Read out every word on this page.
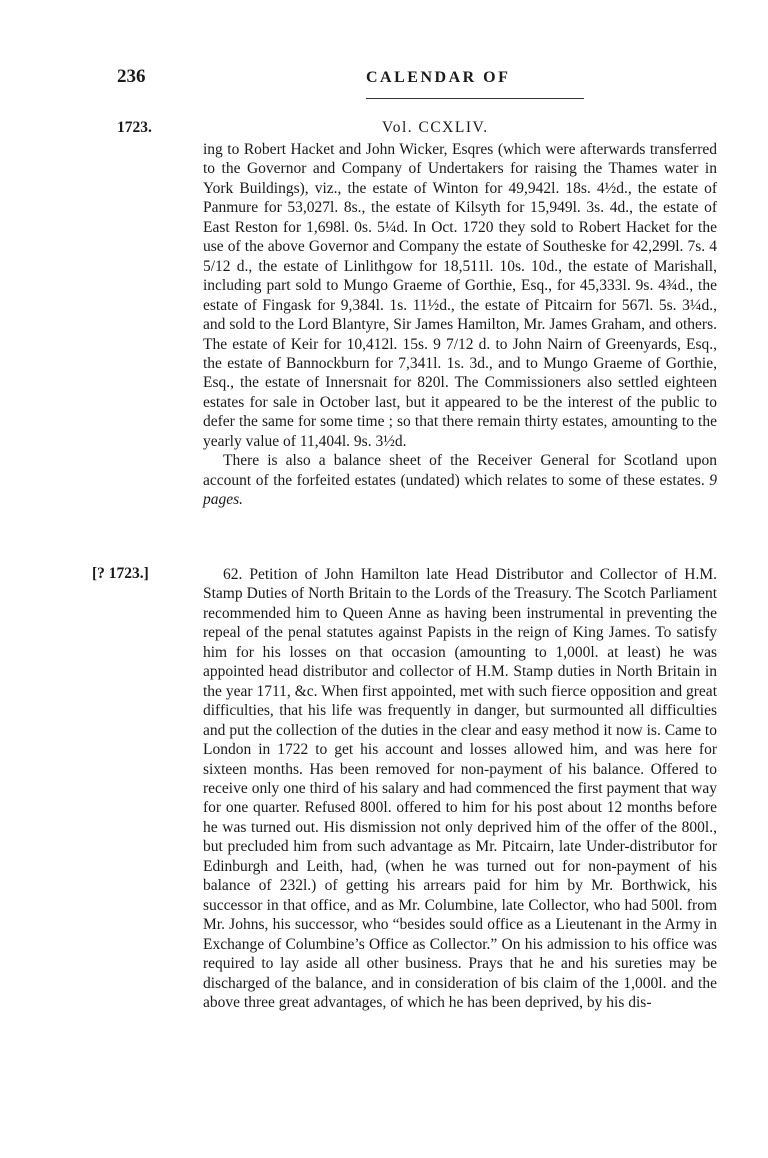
236	CALENDAR OF
1723.	Vol. CCXLIV.

ing to Robert Hacket and John Wicker, Esqres (which were afterwards transferred to the Governor and Company of Undertakers for raising the Thames water in York Buildings), viz., the estate of Winton for 49,942l. 18s. 4½d., the estate of Panmure for 53,027l. 8s., the estate of Kilsyth for 15,949l. 3s. 4d., the estate of East Reston for 1,698l. 0s. 5¼d. In Oct. 1720 they sold to Robert Hacket for the use of the above Governor and Company the estate of Southeske for 42,299l. 7s. 4 5/12 d., the estate of Linlithgow for 18,511l. 10s. 10d., the estate of Marishall, including part sold to Mungo Graeme of Gorthie, Esq., for 45,333l. 9s. 4¾d., the estate of Fingask for 9,384l. 1s. 11½d., the estate of Pitcairn for 567l. 5s. 3¼d., and sold to the Lord Blantyre, Sir James Hamilton, Mr. James Graham, and others. The estate of Keir for 10,412l. 15s. 9 7/12 d. to John Nairn of Greenyards, Esq., the estate of Bannockburn for 7,341l. 1s. 3d., and to Mungo Graeme of Gorthie, Esq., the estate of Innersnait for 820l. The Commissioners also settled eighteen estates for sale in October last, but it appeared to be the interest of the public to defer the same for some time ; so that there remain thirty estates, amounting to the yearly value of 11,404l. 9s. 3½d.

There is also a balance sheet of the Receiver General for Scotland upon account of the forfeited estates (undated) which relates to some of these estates. 9 pages.

[? 1723.]	62. Petition of John Hamilton late Head Distributor and Collector of H.M. Stamp Duties of North Britain to the Lords of the Treasury. The Scotch Parliament recommended him to Queen Anne as having been instrumental in preventing the repeal of the penal statutes against Papists in the reign of King James. To satisfy him for his losses on that occasion (amounting to 1,000l. at least) he was appointed head distributor and collector of H.M. Stamp duties in North Britain in the year 1711, &c. When first appointed, met with such fierce opposition and great difficulties, that his life was frequently in danger, but surmounted all difficulties and put the collection of the duties in the clear and easy method it now is. Came to London in 1722 to get his account and losses allowed him, and was here for sixteen months. Has been removed for non-payment of his balance. Offered to receive only one third of his salary and had commenced the first payment that way for one quarter. Refused 800l. offered to him for his post about 12 months before he was turned out. His dismission not only deprived him of the offer of the 800l., but precluded him from such advantage as Mr. Pitcairn, late Under-distributor for Edinburgh and Leith, had, (when he was turned out for non-payment of his balance of 232l.) of getting his arrears paid for him by Mr. Borthwick, his successor in that office, and as Mr. Columbine, late Collector, who had 500l. from Mr. Johns, his successor, who “besides sould office as a Lieutenant in the Army in Exchange of Columbine’s Office as Collector.” On his admission to his office was required to lay aside all other business. Prays that he and his sureties may be discharged of the balance, and in consideration of bis claim of the 1,000l. and the above three great advantages, of which he has been deprived, by his dis-
